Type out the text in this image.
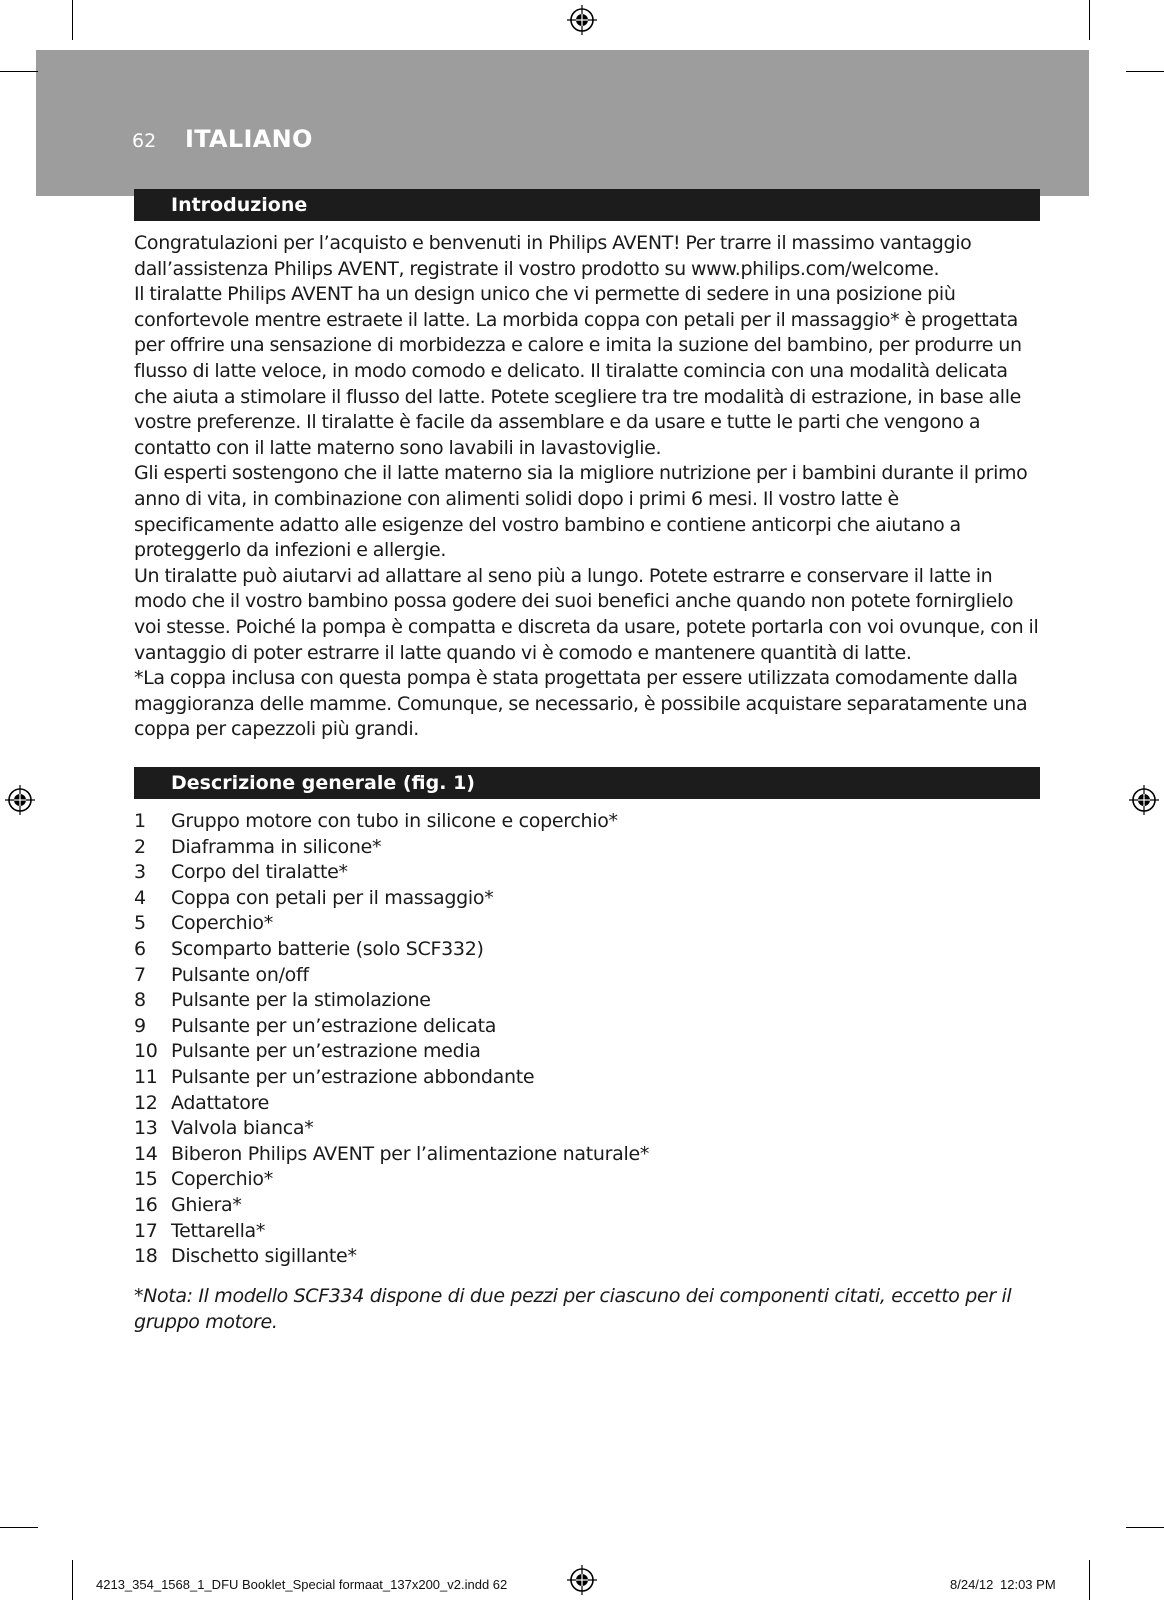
62 ITALIANO
Introduzione

Congratulazioni per l’acquisto e benvenuti in Philips AVENT! Per trarre il massimo vantaggio dall’assistenza Philips AVENT, registrate il vostro prodotto su www.philips.com/welcome.

Il tiralatte Philips AVENT ha un design unico che vi permette di sedere in una posizione più confortevole mentre estraete il latte. La morbida coppa con petali per il massaggio* è progettata per offrire una sensazione di morbidezza e calore e imita la suzione del bambino, per produrre un flusso di latte veloce, in modo comodo e delicato. Il tiralatte comincia con una modalità delicata che aiuta a stimolare il flusso del latte. Potete scegliere tra tre modalità di estrazione, in base alle vostre preferenze. Il tiralatte è facile da assemblare e da usare e tutte le parti che vengono a contatto con il latte materno sono lavabili in lavastoviglie.

Gli esperti sostengono che il latte materno sia la migliore nutrizione per i bambini durante il primo anno di vita, in combinazione con alimenti solidi dopo i primi 6 mesi. Il vostro latte è specificamente adatto alle esigenze del vostro bambino e contiene anticorpi che aiutano a proteggerlo da infezioni e allergie.

Un tiralatte può aiutarvi ad allattare al seno più a lungo. Potete estrarre e conservare il latte in modo che il vostro bambino possa godere dei suoi benefici anche quando non potete fornirglielo voi stesse. Poiché la pompa è compatta e discreta da usare, potete portarla con voi ovunque, con il vantaggio di poter estrarre il latte quando vi è comodo e mantenere quantità di latte.

*La coppa inclusa con questa pompa è stata progettata per essere utilizzata comodamente dalla maggioranza delle mamme. Comunque, se necessario, è possibile acquistare separatamente una coppa per capezzoli più grandi.

Descrizione generale (fig. 1)
1	Gruppo motore con tubo in silicone e coperchio*
2	Diaframma in silicone*
3	Corpo del tiralatte*
4	Coppa con petali per il massaggio*
5	Coperchio*
6	Scomparto batterie (solo SCF332)
7	Pulsante on/off
8	Pulsante per la stimolazione
9	Pulsante per un’estrazione delicata
10 Pulsante per un’estrazione media
11 Pulsante per un’estrazione abbondante
12 Adattatore
13 Valvola bianca*
14 Biberon Philips AVENT per l’alimentazione naturale*
15 Coperchio*
16 Ghiera*
17 Tettarella*
18 Dischetto sigillante*
*Nota: Il modello SCF334 dispone di due pezzi per ciascuno dei componenti citati, eccetto per il gruppo motore.
4213_354_1568_1_DFU Booklet_Special formaat_137x200_v2.indd 62	8/24/12 12:03 PM
